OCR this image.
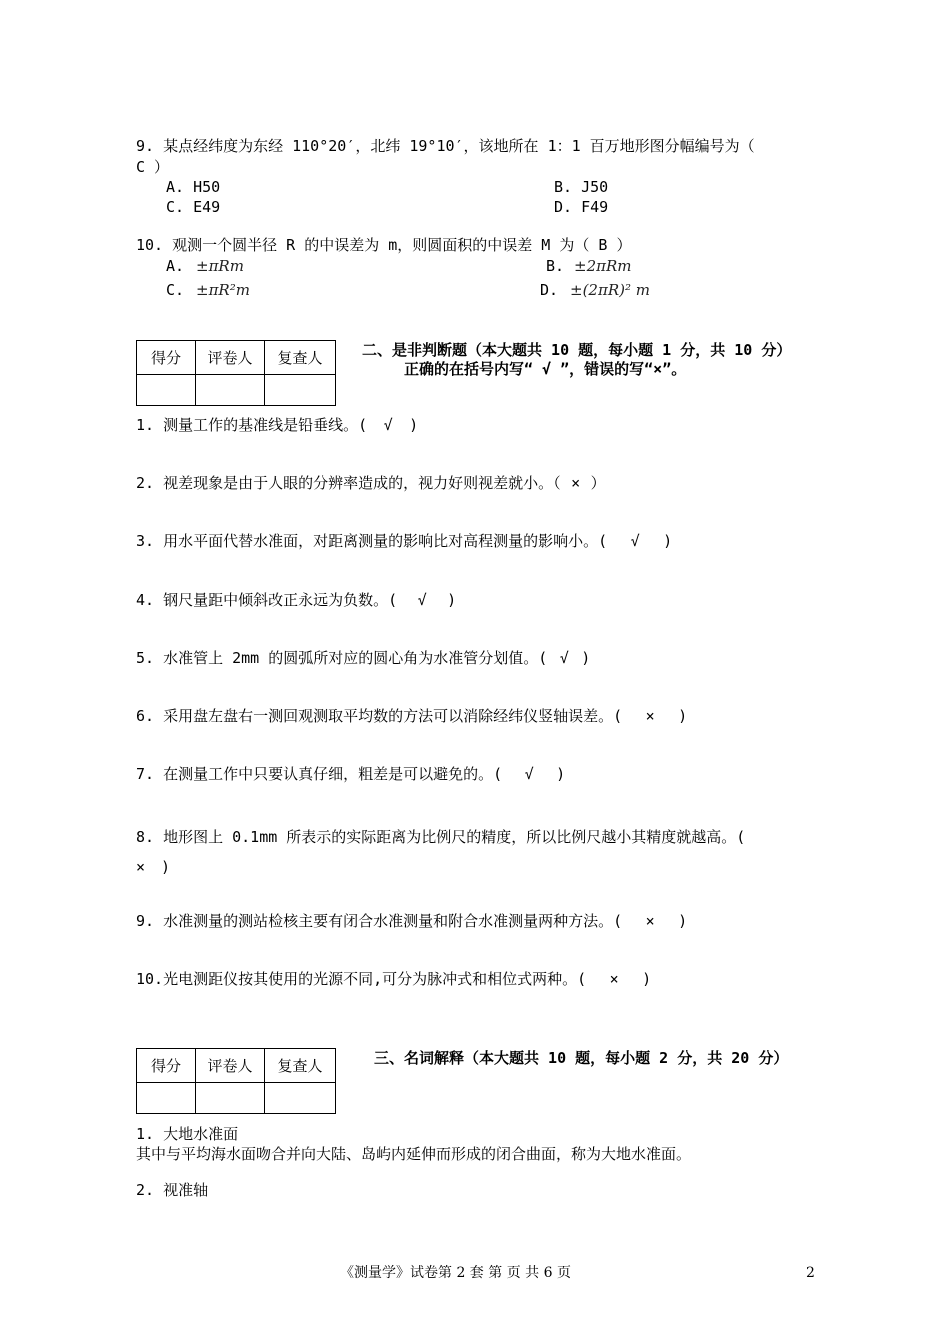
9. 某点经纬度为东经 110°20′，北纬 19°10′，该地所在 1：1 百万地形图分幅编号为（
C ）
A. H50	B. J50
C. E49	D. F49
10. 观测一个圆半径 R 的中误差为 m，则圆面积的中误差 M 为（ B ）
A. ±πRm	B. ±2πRm
C. ±πR²m	D. ±(2πR)² m
得分	评卷人	复查人
			二、是非判断题（本大题共 10 题，每小题 1 分，共 10 分）
正确的在括号内写“ √ ”，错误的写“×”。
1. 测量工作的基准线是铅垂线。( √ )
2. 视差现象是由于人眼的分辨率造成的，视力好则视差就小。（ × ）
3. 用水平面代替水准面，对距离测量的影响比对高程测量的影响小。( √ )
4. 钢尺量距中倾斜改正永远为负数。( √ )
5. 水准管上 2mm 的圆弧所对应的圆心角为水准管分划值。( √ )
6. 采用盘左盘右一测回观测取平均数的方法可以消除经纬仪竖轴误差。( × )
7. 在测量工作中只要认真仔细，粗差是可以避免的。( √ )
8. 地形图上 0.1mm 所表示的实际距离为比例尺的精度，所以比例尺越小其精度就越高。(
× )
9. 水准测量的测站检核主要有闭合水准测量和附合水准测量两种方法。( × )
10.光电测距仪按其使用的光源不同,可分为脉冲式和相位式两种。( × )
得分	评卷人	复查人
			三、名词解释（本大题共 10 题，每小题 2 分，共 20 分）
1. 大地水准面
其中与平均海水面吻合并向大陆、岛屿内延伸而形成的闭合曲面，称为大地水准面。
2. 视准轴
《测量学》试卷第 2 套 第 页 共 6 页	2
